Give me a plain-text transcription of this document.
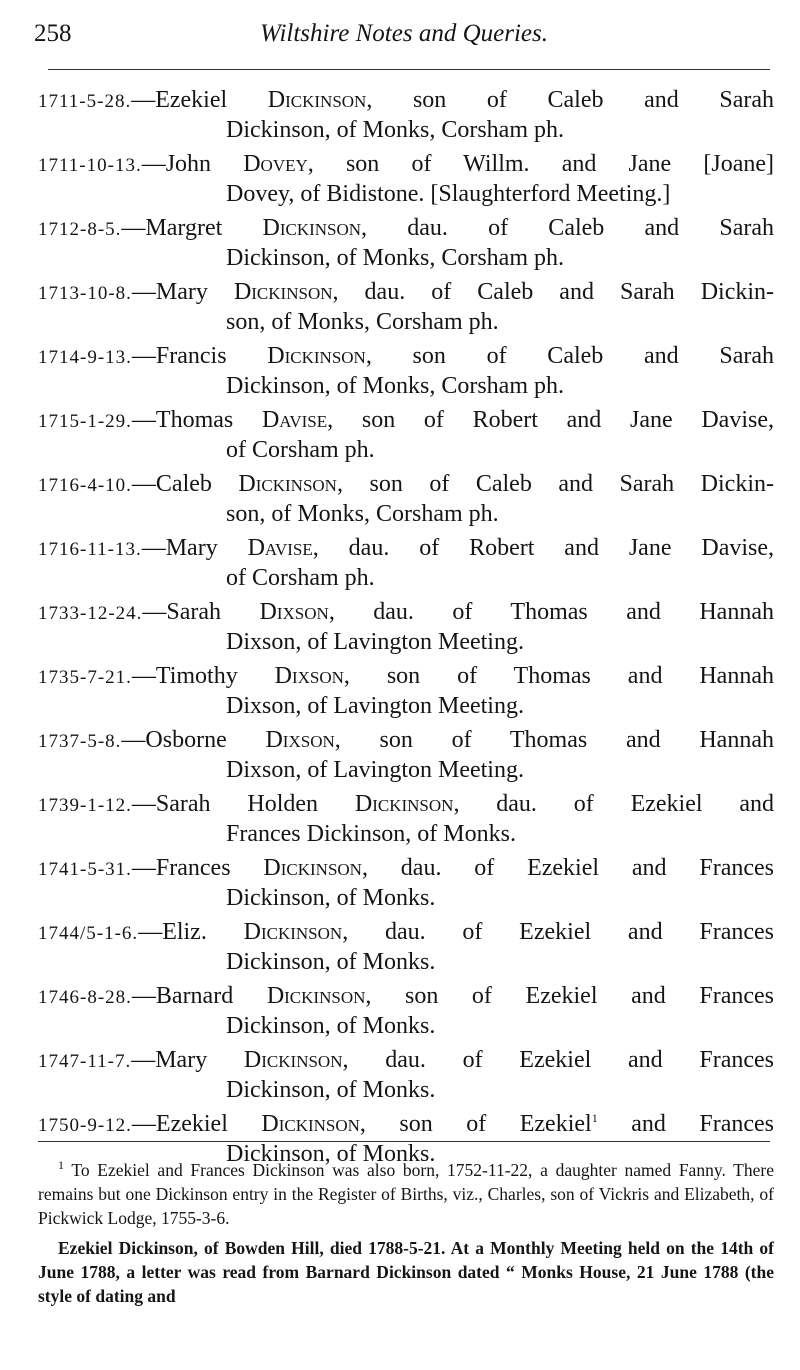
258	Wiltshire Notes and Queries.
1711-5-28.—Ezekiel Dickinson, son of Caleb and Sarah
Dickinson, of Monks, Corsham ph.
1711-10-13.—John Dovey, son of Willm. and Jane [Joane]
Dovey, of Bidistone. [Slaughterford Meeting.]
1712-8-5.—Margret Dickinson, dau. of Caleb and Sarah
Dickinson, of Monks, Corsham ph.
1713-10-8.—Mary Dickinson, dau. of Caleb and Sarah Dickin-
son, of Monks, Corsham ph.
1714-9-13.—Francis Dickinson, son of Caleb and Sarah
Dickinson, of Monks, Corsham ph.
1715-1-29.—Thomas Davise, son of Robert and Jane Davise,
of Corsham ph.
1716-4-10.—Caleb Dickinson, son of Caleb and Sarah Dickin-
son, of Monks, Corsham ph.
1716-11-13.—Mary Davise, dau. of Robert and Jane Davise,
of Corsham ph.
1733-12-24.—Sarah Dixson, dau. of Thomas and Hannah
Dixson, of Lavington Meeting.
1735-7-21.—Timothy Dixson, son of Thomas and Hannah
Dixson, of Lavington Meeting.
1737-5-8.—Osborne Dixson, son of Thomas and Hannah
Dixson, of Lavington Meeting.
1739-1-12.—Sarah Holden Dickinson, dau. of Ezekiel and
Frances Dickinson, of Monks.
1741-5-31.—Frances Dickinson, dau. of Ezekiel and Frances
Dickinson, of Monks.
1744/5-1-6.—Eliz. Dickinson, dau. of Ezekiel and Frances
Dickinson, of Monks.
1746-8-28.—Barnard Dickinson, son of Ezekiel and Frances
Dickinson, of Monks.
1747-11-7.—Mary Dickinson, dau. of Ezekiel and Frances
Dickinson, of Monks.
1750-9-12.—Ezekiel Dickinson, son of Ezekiel$^1$ and Frances
Dickinson, of Monks.

$^1$ To Ezekiel and Frances Dickinson was also born, 1752-11-22, a daughter named Fanny. There remains but one Dickinson entry in the Register of Births, viz., Charles, son of Vickris and Elizabeth, of Pickwick Lodge, 1755-3-6.

Ezekiel Dickinson, of Bowden Hill, died 1788-5-21. At a Monthly Meeting held on the 14th of June 1788, a letter was read from Barnard Dickinson dated “ Monks House, 21 June 1788 (the style of dating and
